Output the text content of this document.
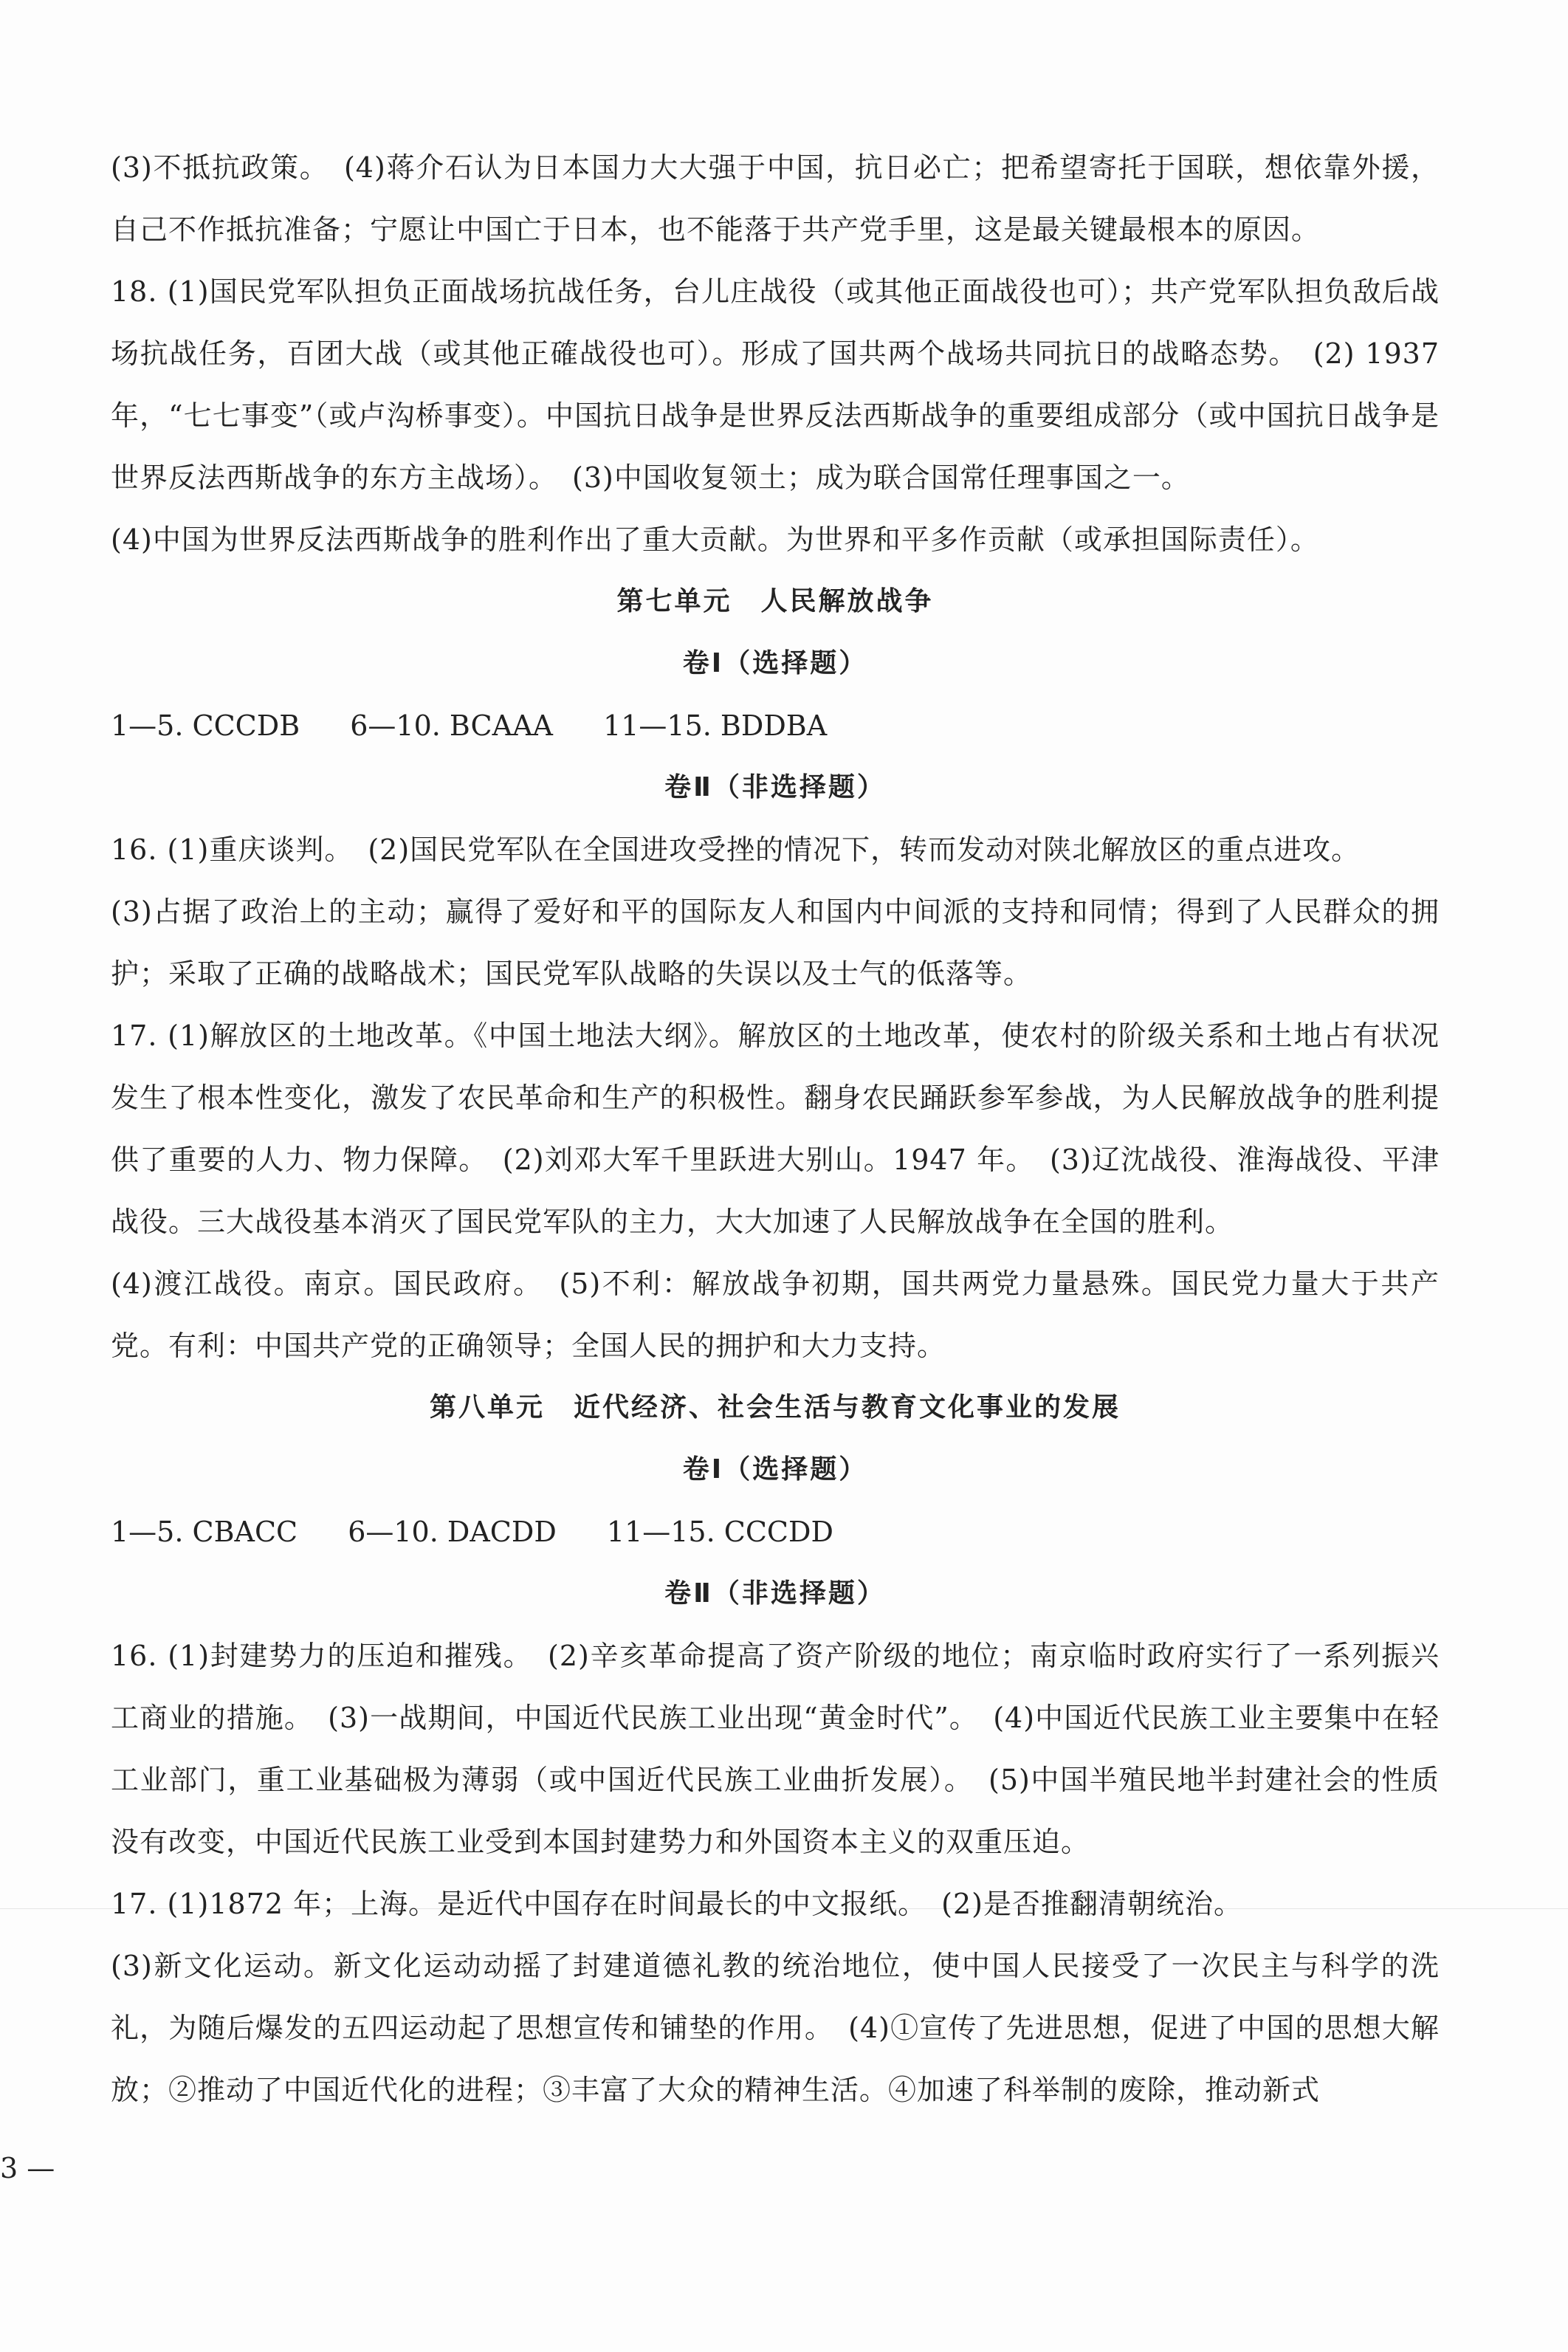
(3)不抵抗政策。　(4)蒋介石认为日本国力大大强于中国，抗日必亡；把希望寄托于国联，想依靠外援，自己不作抵抗准备；宁愿让中国亡于日本，也不能落于共产党手里，这是最关键最根本的原因。

18. (1)国民党军队担负正面战场抗战任务，台儿庄战役（或其他正面战役也可）；共产党军队担负敌后战场抗战任务，百团大战（或其他正確战役也可）。形成了国共两个战场共同抗日的战略态势。　(2) 1937 年，“七七事变”（或卢沟桥事变）。中国抗日战争是世界反法西斯战争的重要组成部分（或中国抗日战争是世界反法西斯战争的东方主战场）。　(3)中国收复领土；成为联合国常任理事国之一。

(4)中国为世界反法西斯战争的胜利作出了重大贡献。为世界和平多作贡献（或承担国际责任）。

第七单元　人民解放战争
卷Ⅰ（选择题）
1—5. CCCDB 6—10. BCAAA 11—15. BDDBA
卷Ⅱ（非选择题）

16. (1)重庆谈判。　(2)国民党军队在全国进攻受挫的情况下，转而发动对陕北解放区的重点进攻。

(3)占据了政治上的主动；赢得了爱好和平的国际友人和国内中间派的支持和同情；得到了人民群众的拥护；采取了正确的战略战术；国民党军队战略的失误以及士气的低落等。

17. (1)解放区的土地改革。《中国土地法大纲》。解放区的土地改革，使农村的阶级关系和土地占有状况发生了根本性变化，激发了农民革命和生产的积极性。翻身农民踊跃参军参战，为人民解放战争的胜利提供了重要的人力、物力保障。　(2)刘邓大军千里跃进大别山。1947 年。　(3)辽沈战役、淮海战役、平津战役。三大战役基本消灭了国民党军队的主力，大大加速了人民解放战争在全国的胜利。

(4)渡江战役。南京。国民政府。　(5)不利：解放战争初期，国共两党力量悬殊。国民党力量大于共产党。有利：中国共产党的正确领导；全国人民的拥护和大力支持。

第八单元　近代经济、社会生活与教育文化事业的发展
卷Ⅰ（选择题）
1—5. CBACC 6—10. DACDD 11—15. CCCDD
卷Ⅱ（非选择题）

16. (1)封建势力的压迫和摧残。　(2)辛亥革命提高了资产阶级的地位；南京临时政府实行了一系列振兴工商业的措施。　(3)一战期间，中国近代民族工业出现“黄金时代”。　(4)中国近代民族工业主要集中在轻工业部门，重工业基础极为薄弱（或中国近代民族工业曲折发展）。　(5)中国半殖民地半封建社会的性质没有改变，中国近代民族工业受到本国封建势力和外国资本主义的双重压迫。

17. (1)1872 年；上海。是近代中国存在时间最长的中文报纸。　(2)是否推翻清朝统治。

(3)新文化运动。新文化运动动摇了封建道德礼教的统治地位，使中国人民接受了一次民主与科学的洗礼，为随后爆发的五四运动起了思想宣传和铺垫的作用。　(4)①宣传了先进思想，促进了中国的思想大解放；②推动了中国近代化的进程；③丰富了大众的精神生活。④加速了科举制的废除，推动新式

3 —
